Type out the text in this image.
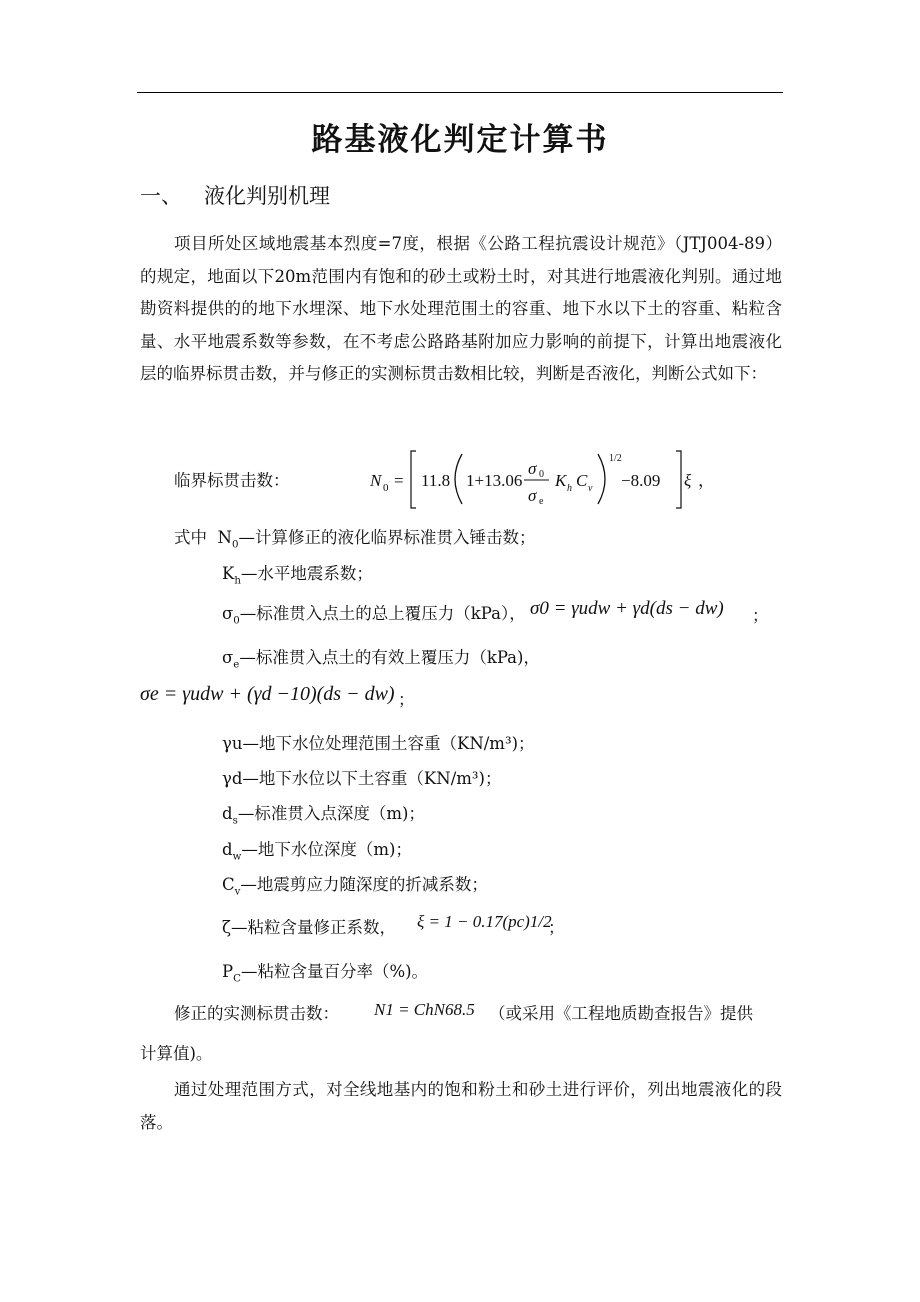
路基液化判定计算书
一、 液化判别机理
项目所处区域地震基本烈度=7度，根据《公路工程抗震设计规范》（JTJ004-89）的规定，地面以下20m范围内有饱和的砂土或粉土时，对其进行地震液化判别。通过地勘资料提供的的地下水埋深、地下水处理范围土的容重、地下水以下土的容重、粘粒含量、水平地震系数等参数，在不考虑公路路基附加应力影响的前提下，计算出地震液化层的临界标贯击数，并与修正的实测标贯击数相比较，判断是否液化，判断公式如下：
临界标贯击数：	N 0 = 11.8 1+13.06
σ 0
σ e
K h C v
1/2
−8.09 ξ ，
式中 $N_0—$计算修正的液化临界标准贯入锤击数；
$K_h—$水平地震系数；
$\sigma_0—$标准贯入点土的总上覆压力（kPa）， σ0 = γudw + γd(ds − dw) ；
$\sigma_e—$标准贯入点土的有效上覆压力（kPa)，
σe = γudw + (γd −10)(ds − dw) ；
γu—地下水位处理范围土容重（KN/m³)；
γd—地下水位以下土容重（KN/m³)；
$d_s—$标准贯入点深度（m)；
$d_w—$地下水位深度（m)；
$C_v—$地震剪应力随深度的折减系数；
ζ—粘粒含量修正系数， ξ = 1 − 0.17(pc)1/2
；
$P_C—$粘粒含量百分率（%)。
修正的实测标贯击数： N1 = ChN68.5 （或采用《工程地质勘查报告》提供
计算值)。
通过处理范围方式，对全线地基内的饱和粉土和砂土进行评价，列出地震液化的段落。
